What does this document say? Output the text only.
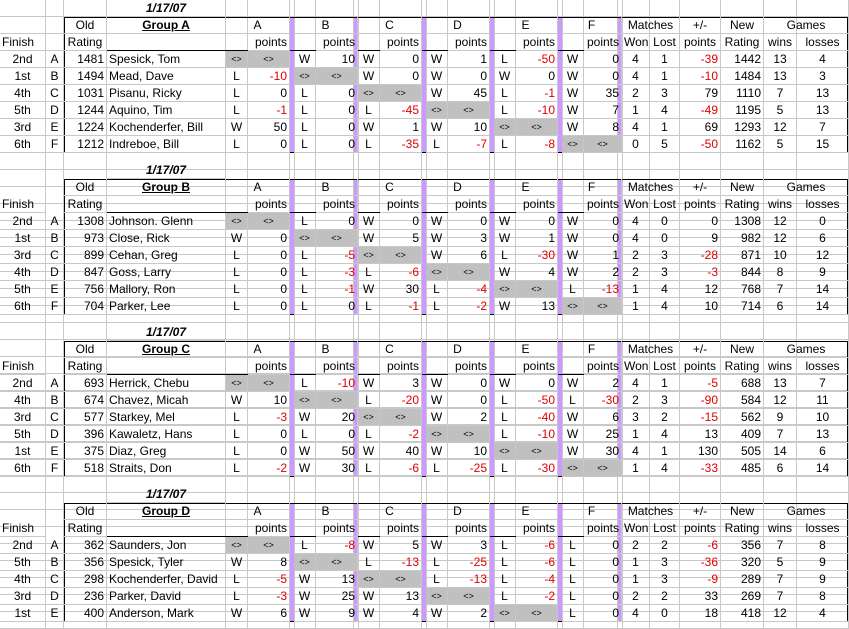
1/17/07
Old	Group A	A	B	C	D	E	F	Matches	+/-	New	Games
Finish	Rating	points	points	points	points	points	points Won Lost points Rating wins	losses
2nd	A	1481 Spesick, Tom	<>	<>	W	10 W	0 W	1	L	-50 W	0	4	1	-39	1442	13	4
1st	B	1494 Mead, Dave	L	-10	<>	<>	W	0 W	0 W	0 W	0	4	1	-10	1484	13	3
4th	C	1031 Pisanu, Ricky	L	0	L	0 <>	<>	W	45	L	-1 W	35	2	3	79	1110	7	13
5th	D	1244 Aquino, Tim	L	-1	L	0 L	-45	<>	<>	L	-10 W	7	1	4	-49	1195	5	13
3rd	E	1224 Kochenderfer, Bill	W	50	L	0 W	1 W	10	<>	<>	W	8	4	1	69	1293	12	7
6th	F	1212 Indreboe, Bill	L	0	L	0 L	-35	L	-7	L	-8	<>	<>	0	5	-50	1162	5	15
1/17/07
Old	Group B	A	B	C	D	E	F	Matches	+/-	New	Games
Finish	Rating	points	points	points	points	points	points Won Lost points Rating wins	losses
2nd	A	1308 Johnson. Glenn	<>	<>	L	0 W	0 W	0 W	0 W	0	4	0	0	1308	12	0
1st	B	973 Close, Rick	W	0	<>	<>	W	5 W	3 W	1 W	0	4	0	9	982	12	6
3rd	C	899 Cehan, Greg	L	0	L	-5 <>	<>	W	6	L	-30 W	1	2	3	-28	871	10	12
4th	D	847 Goss, Larry	L	0	L	-3 L	-6	<>	<>	W	4 W	2	2	3	-3	844	8	9
5th	E	756 Mallory, Ron	L	0	L	-1 W	30	L	-4	<>	<>	L	-13	1	4	12	768	7	14
6th	F	704 Parker, Lee	L	0	L	0 L	-1	L	-2 W	13	<>	<>	1	4	10	714	6	14
1/17/07
Old	Group C	A	B	C	D	E	F	Matches	+/-	New	Games
Finish	Rating	points	points	points	points	points	points Won Lost points Rating wins	losses
2nd	A	693 Herrick, Chebu	<>	<>	L	-10 W	3 W	0 W	0 W	2	4	1	-5	688	13	7
4th	B	674 Chavez, Micah	W	10	<>	<>	L	-20 W	0	L	-50	L	-30	2	3	-90	584	12	11
3rd	C	577 Starkey, Mel	L	-3 W	20 <>	<>	W	2	L	-40 W	6	3	2	-15	562	9	10
5th	D	396 Kawaletz, Hans	L	0	L	0 L	-2	<>	<>	L	-10 W	25	1	4	13	409	7	13
1st	E	375 Diaz, Greg	L	0 W	50 W	40 W	10	<>	<>	W	30	4	1	130	505	14	6
6th	F	518 Straits, Don	L	-2 W	30 L	-6	L	-25	L	-30	<>	<>	1	4	-33	485	6	14
1/17/07
Old	Group D	A	B	C	D	E	F	Matches	+/-	New	Games
Finish	Rating	points	points	points	points	points	points Won Lost points Rating wins	losses
2nd	A	362 Saunders, Jon	<>	<>	L	-8 W	5 W	3	L	-6	L	0	2	2	-6	356	7	8
5th	B	356 Spesick, Tyler	W	8	<>	<>	L	-13	L	-25	L	-6	L	0	1	3	-36	320	5	9
4th	C	298 Kochenderfer, David	L	-5 W	13 <>	<>	L	-13	L	-4	L	0	1	3	-9	289	7	9
3rd	D	236 Parker, David	L	-3 W	25 W	13	<>	<>	L	-2	L	0	2	2	33	269	7	8
1st	E	400 Anderson, Mark	W	6 W	9 W	4 W	2	<>	<>	L	0	4	0	18	418	12	4
